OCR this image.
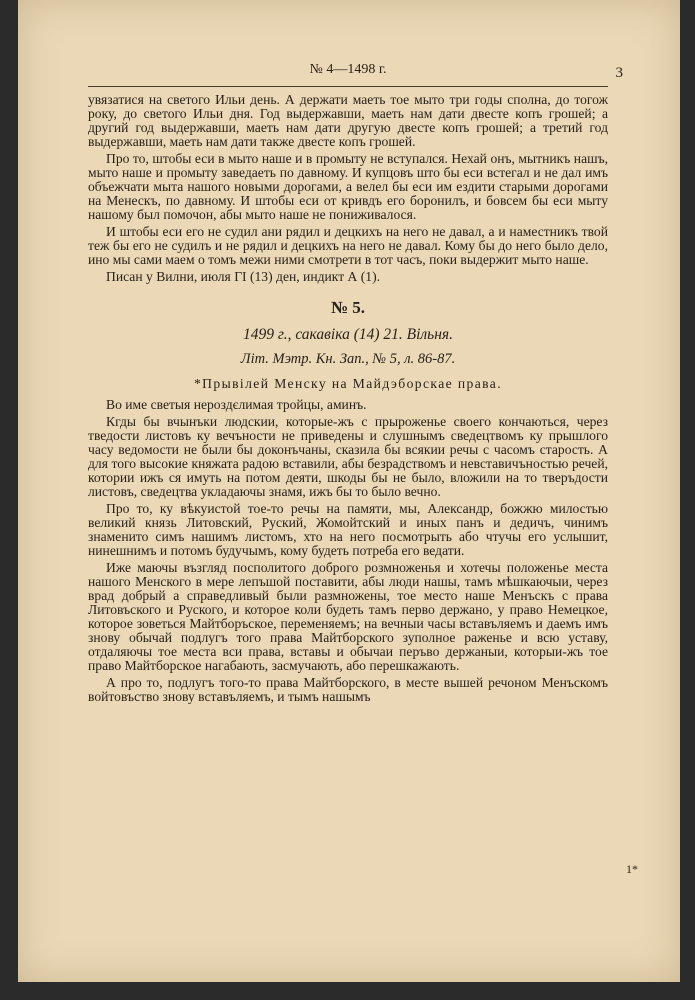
№ 4—1498 г.	3

увязатися на светого Ильи день. А держати маеть тое мыто три годы сполна, до тогож року, до светого Ильи дня. Год выдержавши, маеть нам дати двесте копъ грошей; а другий год выдержавши, маеть нам дати другую двесте копъ грошей; а третий год выдержавши, маеть нам дати также двесте копъ грошей.

Про то, штобы еси в мыто наше и в промыту не вступался. Нехай онъ, мытникъ нашъ, мыто наше и промыту заведаеть по давному. И купцовъ што бы еси встегал и не дал имъ объежчати мыта нашого новыми дорогами, а велел бы еси им ездити старыми дорогами на Менескъ, по давному. И штобы еси от кривдъ его боронилъ, и бовсем бы еси мыту нашому был помочон, абы мыто наше не пониживалося.

И штобы еси его не судил ани рядил и децкихъ на него не давал, а и наместникъ твой теж бы его не судилъ и не рядил и децкихъ на него не давал. Кому бы до него было дело, ино мы сами маем о томъ межи ними смотрети в тот часъ, поки выдержит мыто наше.

Писан у Вилни, июля ГІ (13) ден, индикт А (1).

№ 5.
1499 г., сакавіка (14) 21. Вільня.
Літ. Мэтр. Кн. Зап., № 5, л. 86-87.
*Прывілей Менску на Майдэборскае права.

Во име светыя нероздєлимая тройцы, аминъ.

Кгды бы вчынъки людскии, которые-жъ с прыроженье своего кончаються, через тведости листовъ ку вечъности не приведены и слушнымъ сведецтвомъ ку прышлого часу ведомости не были бы доконъчаны, сказила бы всякии речы с часомъ старость. А для того высокие княжата радою вставили, абы безрадствомъ и невставичъностью речей, котории ижъ ся имуть на потом деяти, шкоды бы не было, вложили на то тверъдости листовъ, сведецтва укладаючы знамя, ижъ бы то было вечно.

Про то, ку вѣкуистой тое-то речы на памяти, мы, Александр, божжю милостью великий князь Литовский, Руский, Жомойтский и иных панъ и дедичъ, чинимъ знаменито симъ нашимъ листомъ, хто на него посмотрыть або чтучы его услышит, нинешнимъ и потомъ будучымъ, кому будеть потреба его ведати.

Иже маючы възгляд посполитого доброго розмноженья и хотечы положенье места нашого Менского в мере лепъшой поставити, абы люди нашы, тамъ мѣшкаючыи, через врад добрый а справедливый были размножены, тое место наше Менъскъ с права Литовъского и Руского, и которое коли будеть тамъ перво держано, у право Немецкое, которое зоветься Майтборъское, переменяемъ; на вечныи часы вставъляемъ и даемъ имъ знову обычай подлугъ того права Майтборского зуполное раженье и всю уставу, отдаляючы тое места вси права, вставы и обычаи перъво держаныи, которыи-жъ тое право Майтборское нагабають, засмучають, або перешкажають.

А про то, подлугъ того-то права Майтборского, в месте вышей речоном Менъскомъ войтовъство знову вставъляемъ, и тымъ нашымъ

1*
